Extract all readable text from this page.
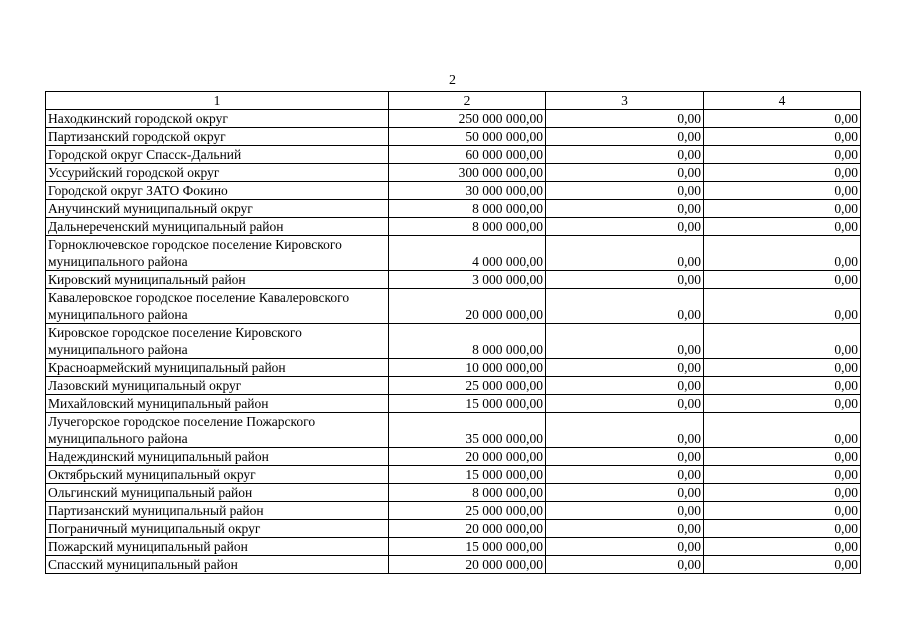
2
1	2	3	4
Находкинский городской округ	250 000 000,00	0,00	0,00
Партизанский городской округ	50 000 000,00	0,00	0,00
Городской округ Спасск-Дальний	60 000 000,00	0,00	0,00
Уссурийский городской округ	300 000 000,00	0,00	0,00
Городской округ ЗАТО Фокино	30 000 000,00	0,00	0,00
Анучинский муниципальный округ	8 000 000,00	0,00	0,00
Дальнереченский муниципальный район	8 000 000,00	0,00	0,00
Горноключевское городское поселение Кировского муниципального района	4 000 000,00	0,00	0,00
Кировский муниципальный район	3 000 000,00	0,00	0,00
Кавалеровское городское поселение Кавалеровского муниципального района	20 000 000,00	0,00	0,00
Кировское городское поселение Кировского муниципального района	8 000 000,00	0,00	0,00
Красноармейский муниципальный район	10 000 000,00	0,00	0,00
Лазовский муниципальный округ	25 000 000,00	0,00	0,00
Михайловский муниципальный район	15 000 000,00	0,00	0,00
Лучегорское городское поселение Пожарского муниципального района	35 000 000,00	0,00	0,00
Надеждинский муниципальный район	20 000 000,00	0,00	0,00
Октябрьский муниципальный округ	15 000 000,00	0,00	0,00
Ольгинский муниципальный район	8 000 000,00	0,00	0,00
Партизанский муниципальный район	25 000 000,00	0,00	0,00
Пограничный муниципальный округ	20 000 000,00	0,00	0,00
Пожарский муниципальный район	15 000 000,00	0,00	0,00
Спасский муниципальный район	20 000 000,00	0,00	0,00
